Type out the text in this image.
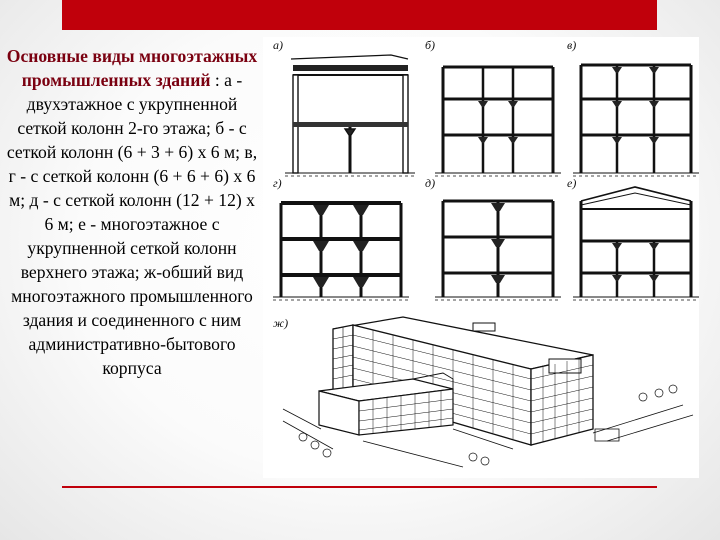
Основные виды многоэтажных промышленных зданий : а - двухэтажное с укрупненной сеткой колонн 2-го этажа; б - с сеткой колонн (6 + 3 + 6) х 6 м; в, г - с сеткой колонн (6 + 6 + 6) х 6 м; д - с сеткой колонн (12 + 12) х 6 м; е - многоэтажное с укрупненной сеткой колонн верхнего этажа; ж-обший вид многоэтажного промышленного здания и соединенного с ним административно-бытового корпуса
а)	б)	в)
г)	д)	е)
ж)
